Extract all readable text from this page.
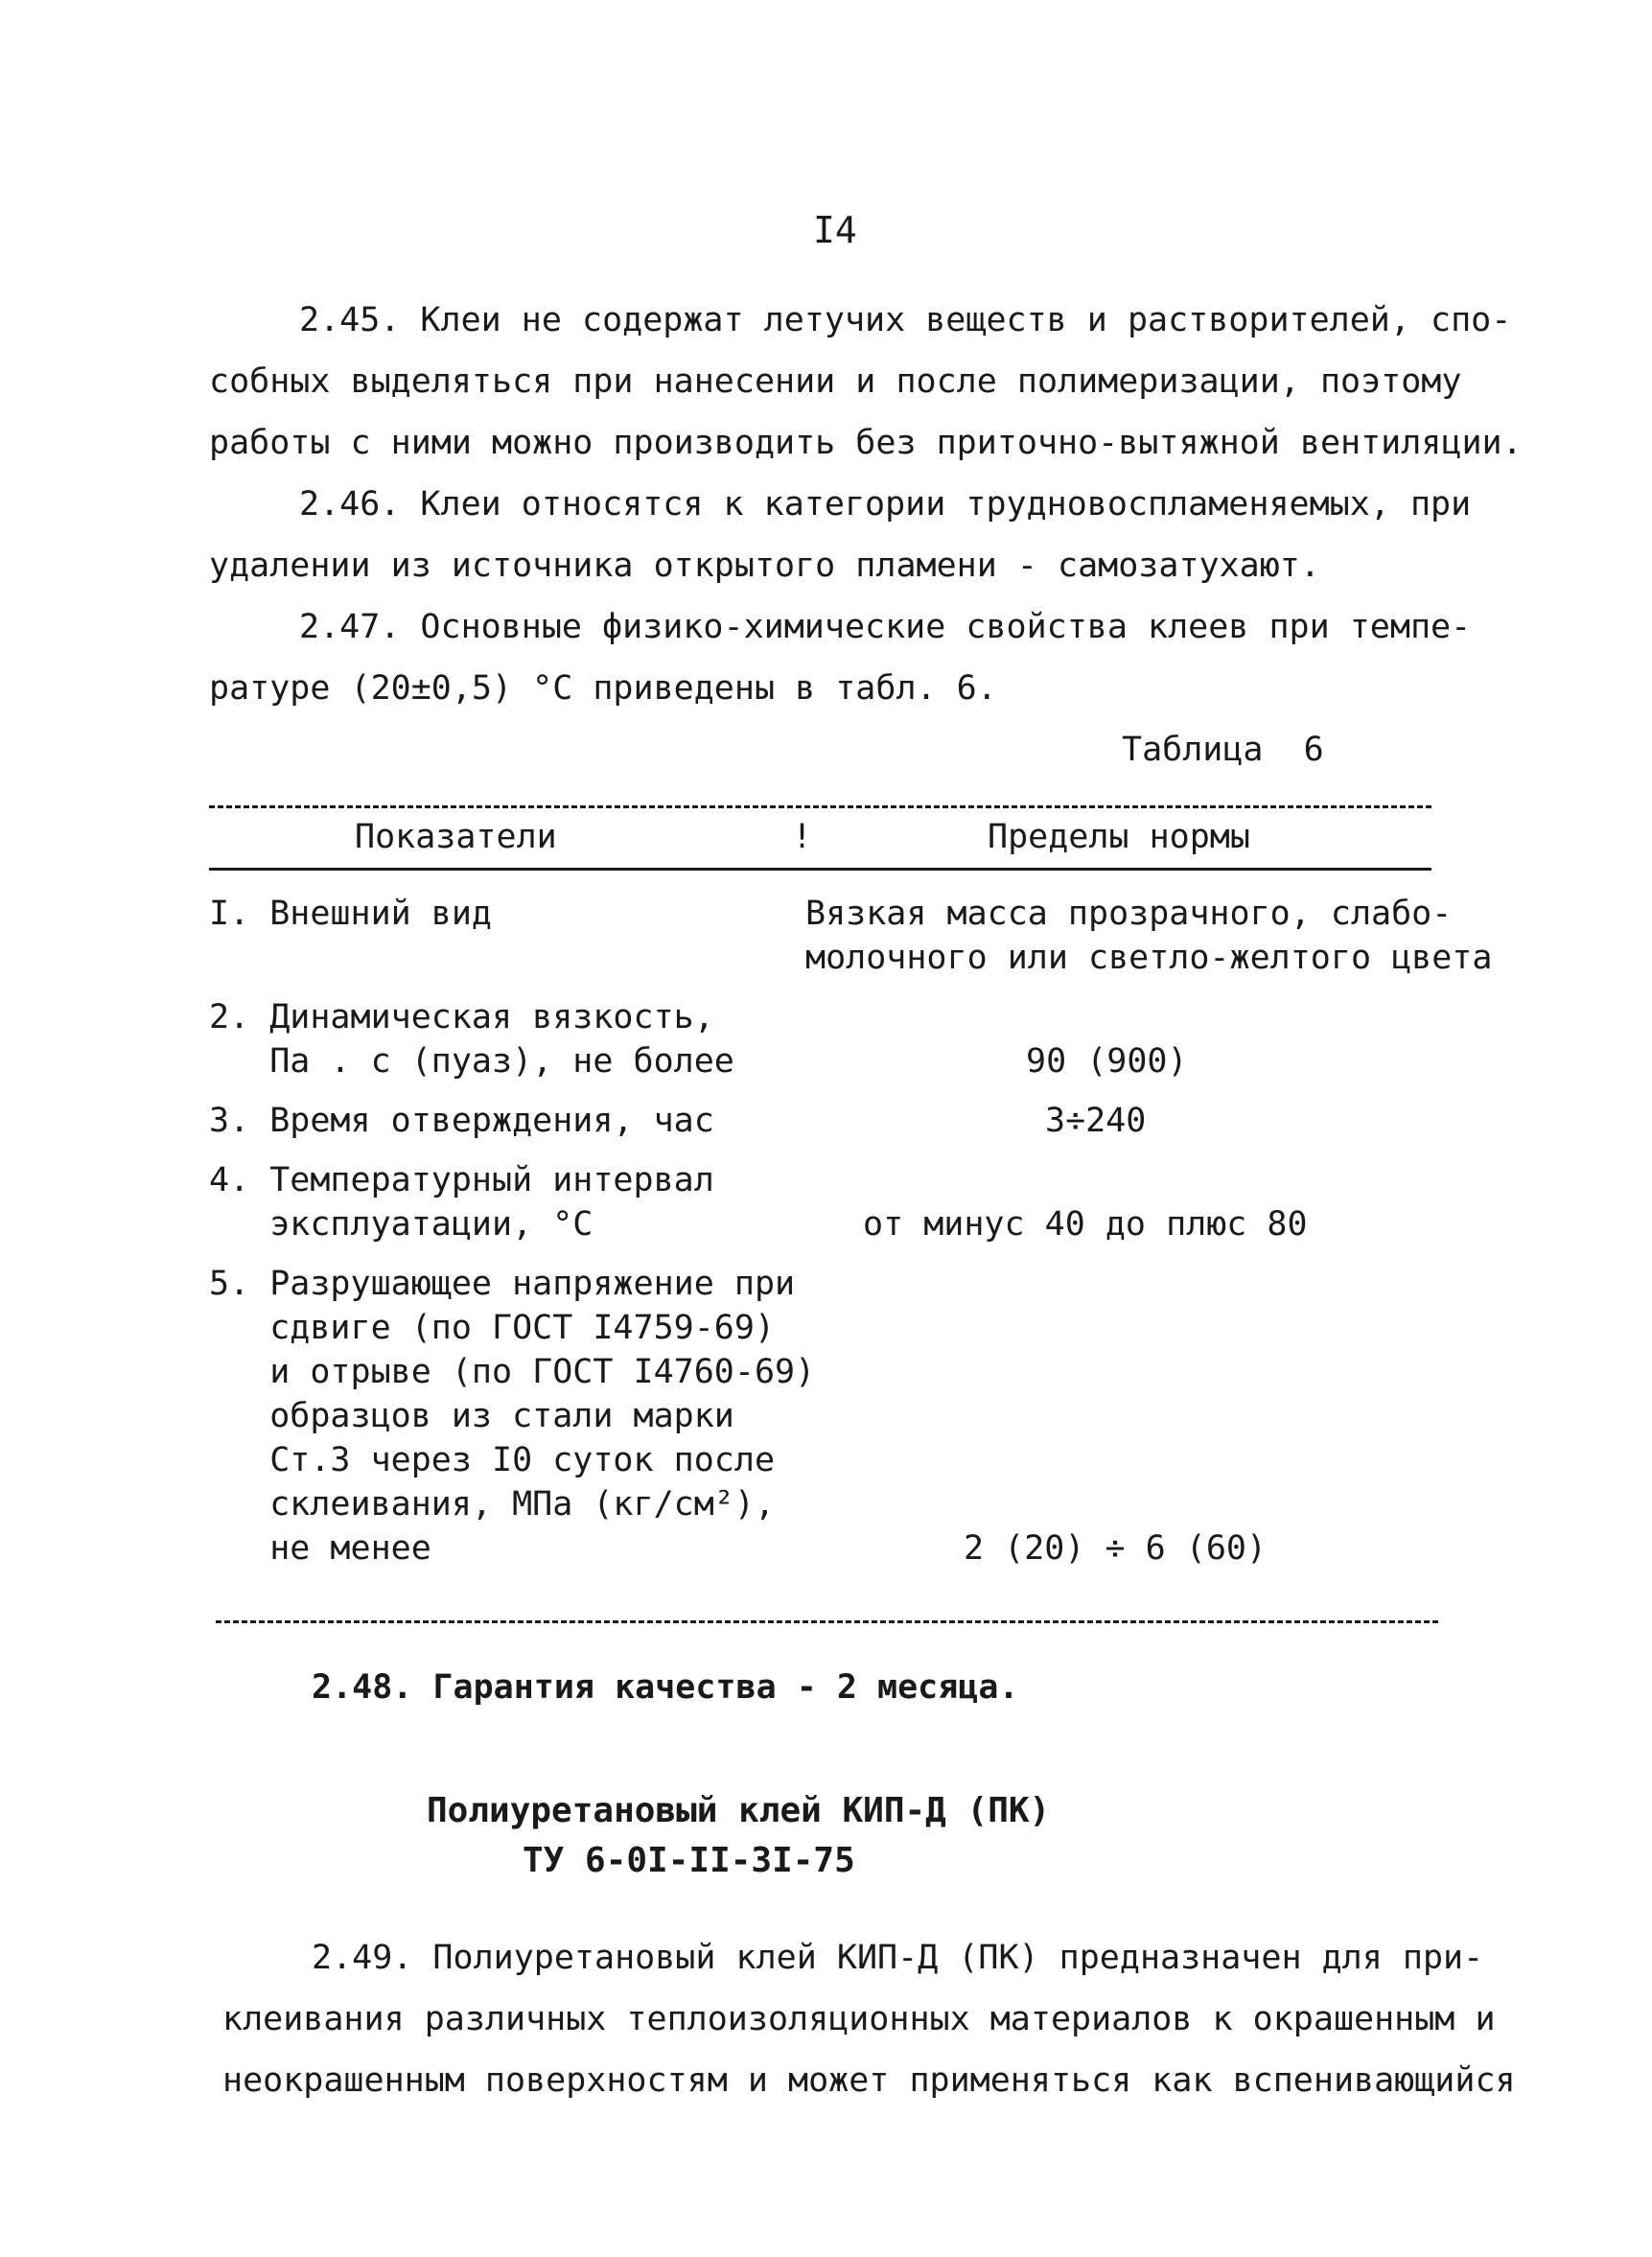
I4
2.45. Клеи не содержат летучих веществ и растворителей, спо-
собных выделяться при нанесении и после полимеризации, поэтому
работы с ними можно производить без приточно-вытяжной вентиляции.
2.46. Клеи относятся к категории трудновоспламеняемых, при
удалении из источника открытого пламени - самозатухают.
2.47. Основные физико-химические свойства клеев при темпе-
ратуре (20±0,5) °С приведены в табл. 6.
Таблица  6
Показатели	!	Пределы нормы
I. Внешний вид	Вязкая масса прозрачного, слабо-
молочного или светло-желтого цвета
2. Динамическая вязкость,
Па . с (пуаз), не более	90 (900)
3. Время отверждения, час	3÷240
4. Температурный интервал
эксплуатации, °С	от минус 40 до плюс 80
5. Разрушающее напряжение при
сдвиге (по ГОСТ I4759-69)
и отрыве (по ГОСТ I4760-69)
образцов из стали марки
Ст.3 через I0 суток после
склеивания, МПа (кг/см²),
не менее	2 (20) ÷ 6 (60)
2.48. Гарантия качества - 2 месяца.
Полиуретановый клей КИП-Д (ПК)
ТУ 6-0I-II-3I-75
2.49. Полиуретановый клей КИП-Д (ПК) предназначен для при-
клеивания различных теплоизоляционных материалов к окрашенным и
неокрашенным поверхностям и может применяться как вспенивающийся
